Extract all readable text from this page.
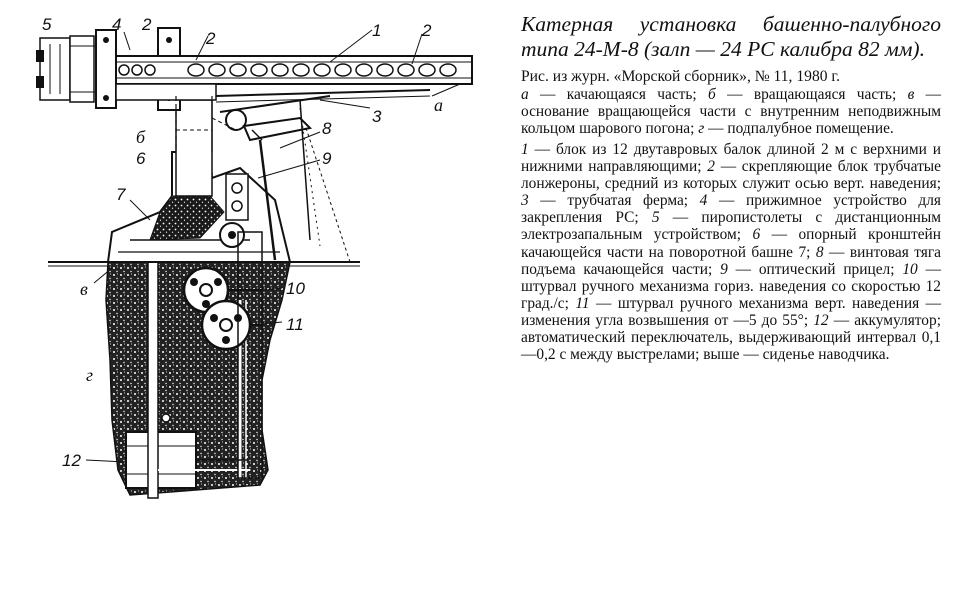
5	4 2
2	1 2
3
а
б
6
8
9
7
в
г
10
11
12
Катерная установка башенно-палубного типа 24-М-8 (залп — 24 РС калибра 82 мм).

Рис. из журн. «Морской сборник», № 11, 1980 г.

а — качающаяся часть; б — вращающаяся часть; в — основание вращающейся части с внутренним неподвижным кольцом шарового погона; г — подпалубное помещение.

1 — блок из 12 двутавровых балок длиной 2 м с верхними и нижними направляющими; 2 — скрепляющие блок трубчатые лонжероны, средний из которых служит осью верт. наведения; 3 — трубчатая ферма; 4 — прижимное устройство для закрепления РС; 5 — пиропистолеты с дистанционным электрозапальным устройством; 6 — опорный кронштейн качающейся части на поворотной башне 7; 8 — винтовая тяга подъема качающейся части; 9 — оптический прицел; 10 — штурвал ручного механизма гориз. наведения со скоростью 12 град./с; 11 — штурвал ручного механизма верт. наведения — изменения угла возвышения от —5 до 55°; 12 — аккумулятор; автоматический переключатель, выдерживающий интервал 0,1—0,2 с между выстрелами; выше — сиденье наводчика.
